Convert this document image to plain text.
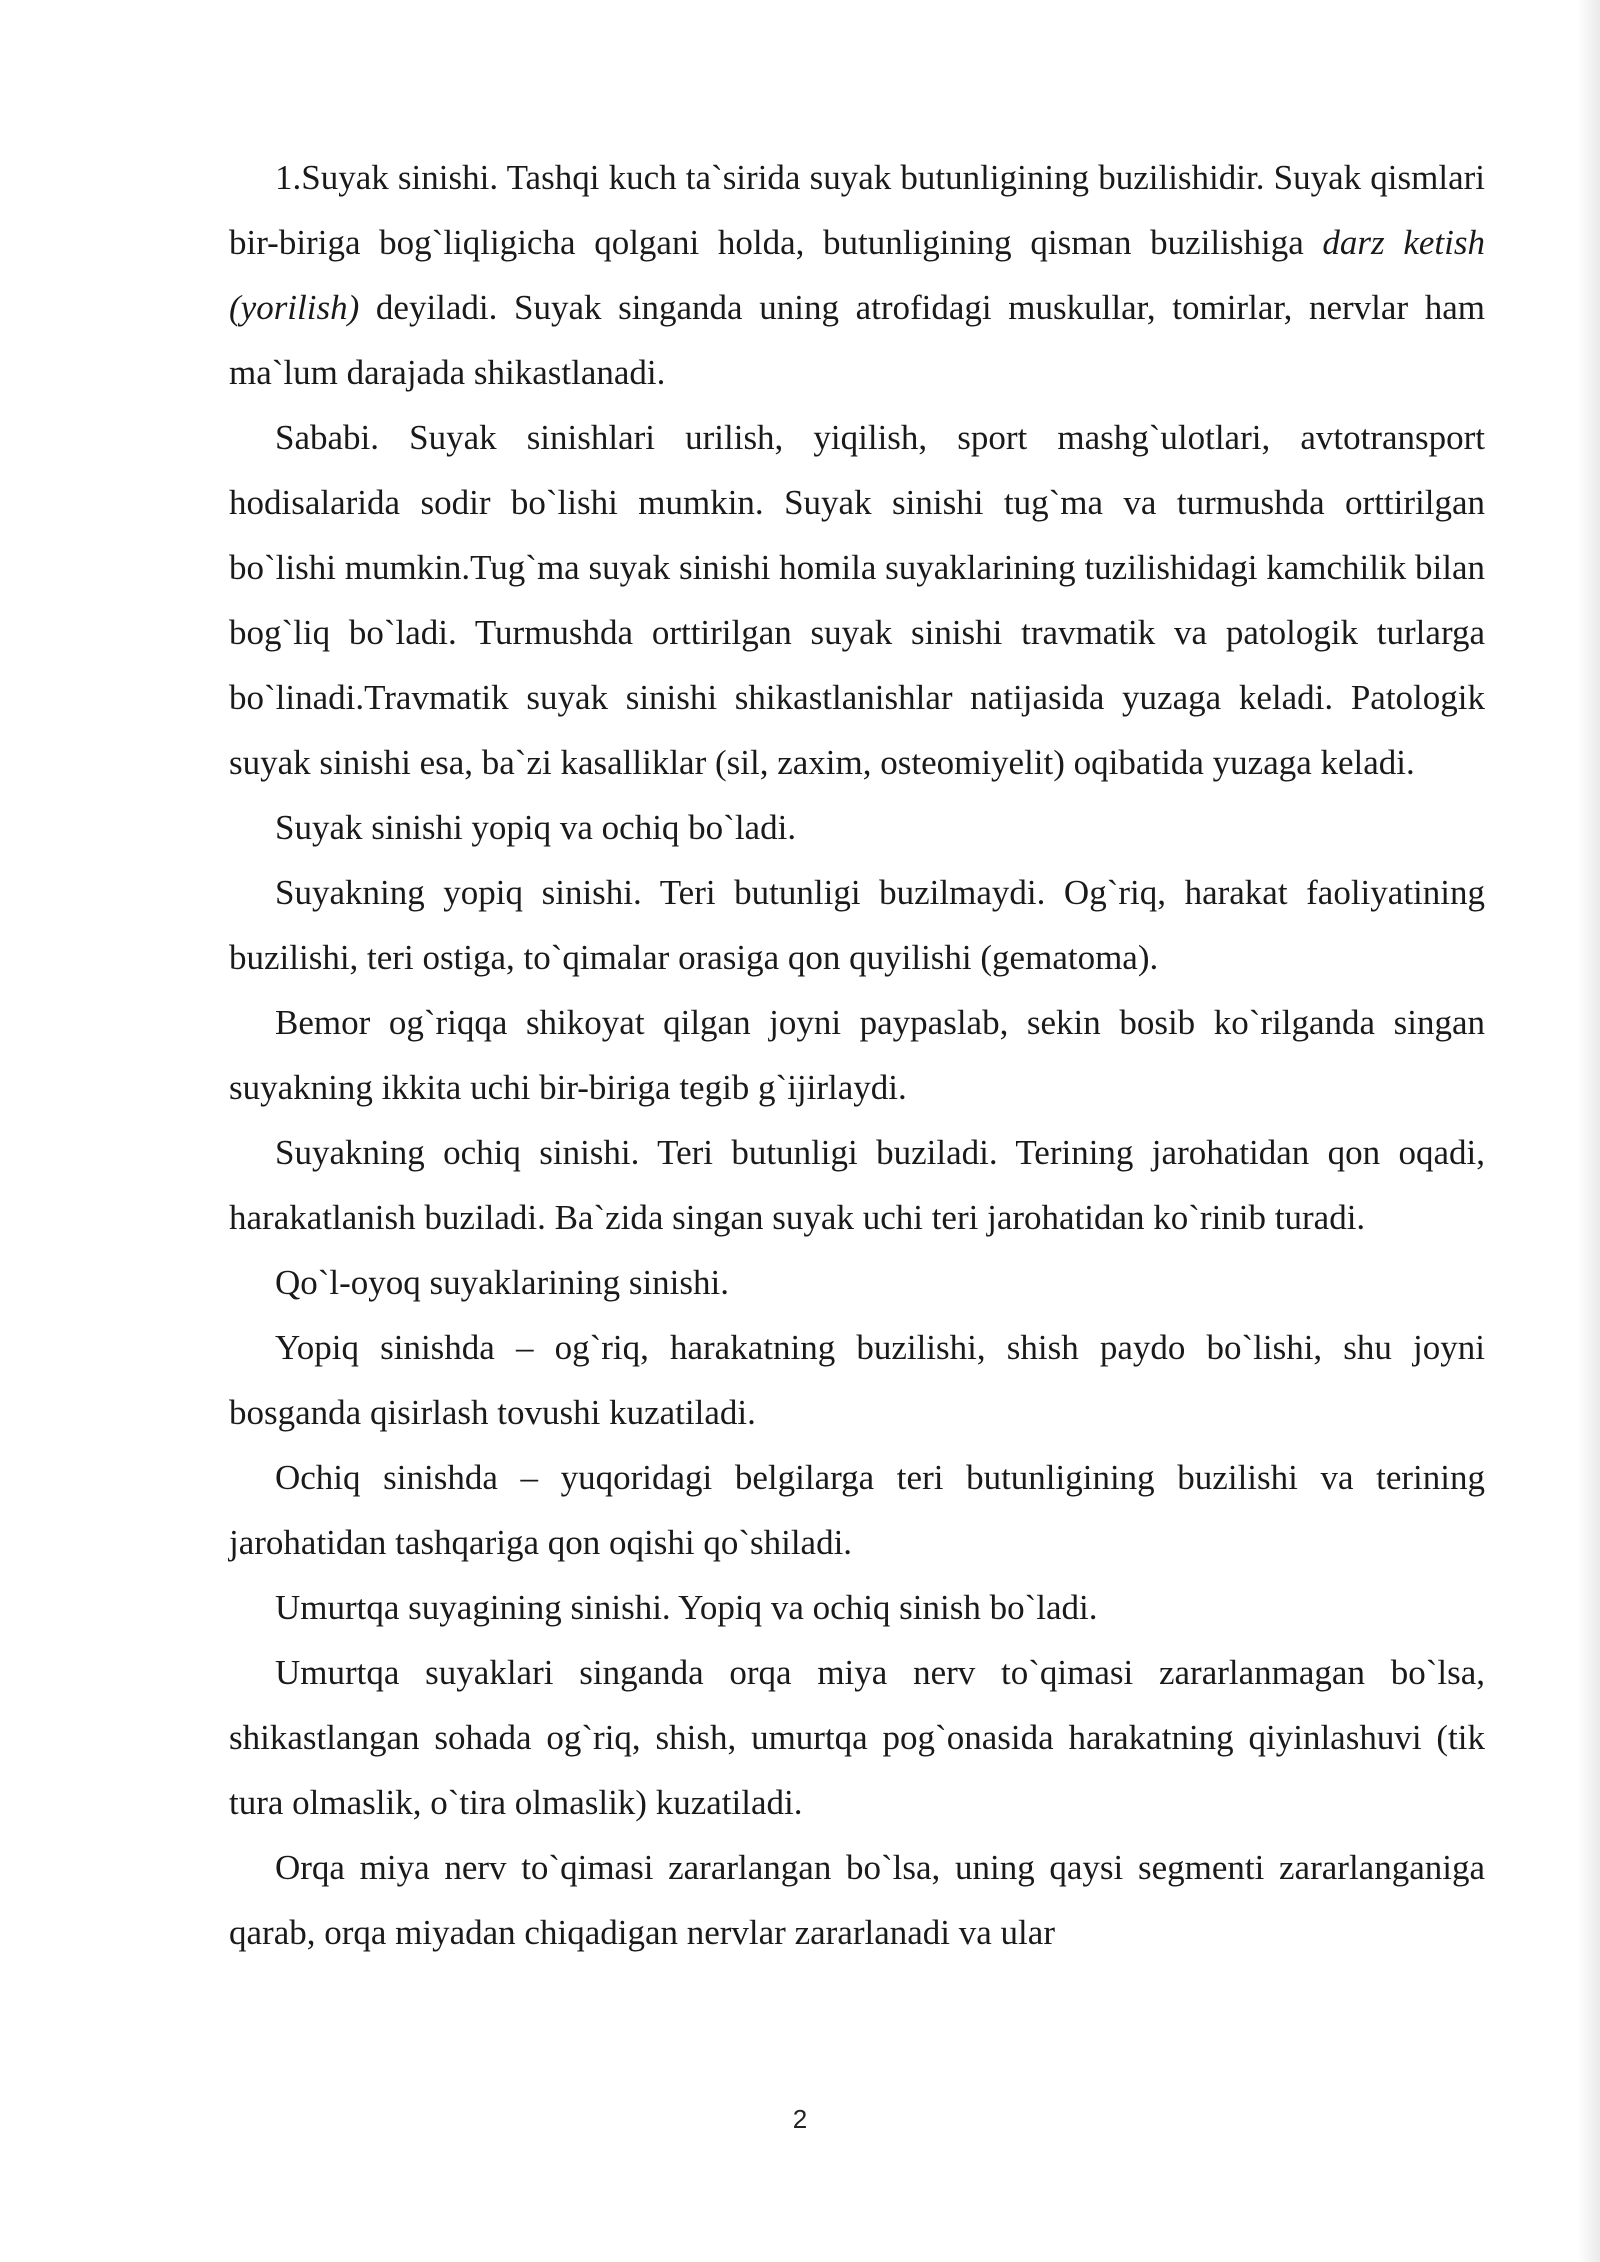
1.Suyak sinishi. Tashqi kuch ta`sirida suyak butunligining buzilishidir. Suyak qismlari bir-biriga bog`liqligicha qolgani holda, butunligining qisman buzilishiga darz ketish (yorilish) deyiladi. Suyak singanda uning atrofidagi muskullar, tomirlar, nervlar ham ma`lum darajada shikastlanadi.

Sababi. Suyak sinishlari urilish, yiqilish, sport mashg`ulotlari, avtotransport hodisalarida sodir bo`lishi mumkin. Suyak sinishi tug`ma va turmushda orttirilgan bo`lishi mumkin.Tug`ma suyak sinishi homila suyaklarining tuzilishidagi kamchilik bilan bog`liq bo`ladi. Turmushda orttirilgan suyak sinishi travmatik va patologik turlarga bo`linadi.Travmatik suyak sinishi shikastlanishlar natijasida yuzaga keladi. Patologik suyak sinishi esa, ba`zi kasalliklar (sil, zaxim, osteomiyelit) oqibatida yuzaga keladi.

Suyak sinishi yopiq va ochiq bo`ladi.

Suyakning yopiq sinishi. Teri butunligi buzilmaydi. Og`riq, harakat faoliyatining buzilishi, teri ostiga, to`qimalar orasiga qon quyilishi (gematoma).

Bemor og`riqqa shikoyat qilgan joyni paypaslab, sekin bosib ko`rilganda singan suyakning ikkita uchi bir-biriga tegib g`ijirlaydi.

Suyakning ochiq sinishi. Teri butunligi buziladi. Terining jarohatidan qon oqadi, harakatlanish buziladi. Ba`zida singan suyak uchi teri jarohatidan ko`rinib turadi.

Qo`l-oyoq suyaklarining sinishi.

Yopiq sinishda – og`riq, harakatning buzilishi, shish paydo bo`lishi, shu joyni bosganda qisirlash tovushi kuzatiladi.

Ochiq sinishda – yuqoridagi belgilarga teri butunligining buzilishi va terining jarohatidan tashqariga qon oqishi qo`shiladi.

Umurtqa suyagining sinishi. Yopiq va ochiq sinish bo`ladi.

Umurtqa suyaklari singanda orqa miya nerv to`qimasi zararlanmagan bo`lsa, shikastlangan sohada og`riq, shish, umurtqa pog`onasida harakatning qiyinlashuvi (tik tura olmaslik, o`tira olmaslik) kuzatiladi.

Orqa miya nerv to`qimasi zararlangan bo`lsa, uning qaysi segmenti zararlanganiga qarab, orqa miyadan chiqadigan nervlar zararlanadi va ular

2
